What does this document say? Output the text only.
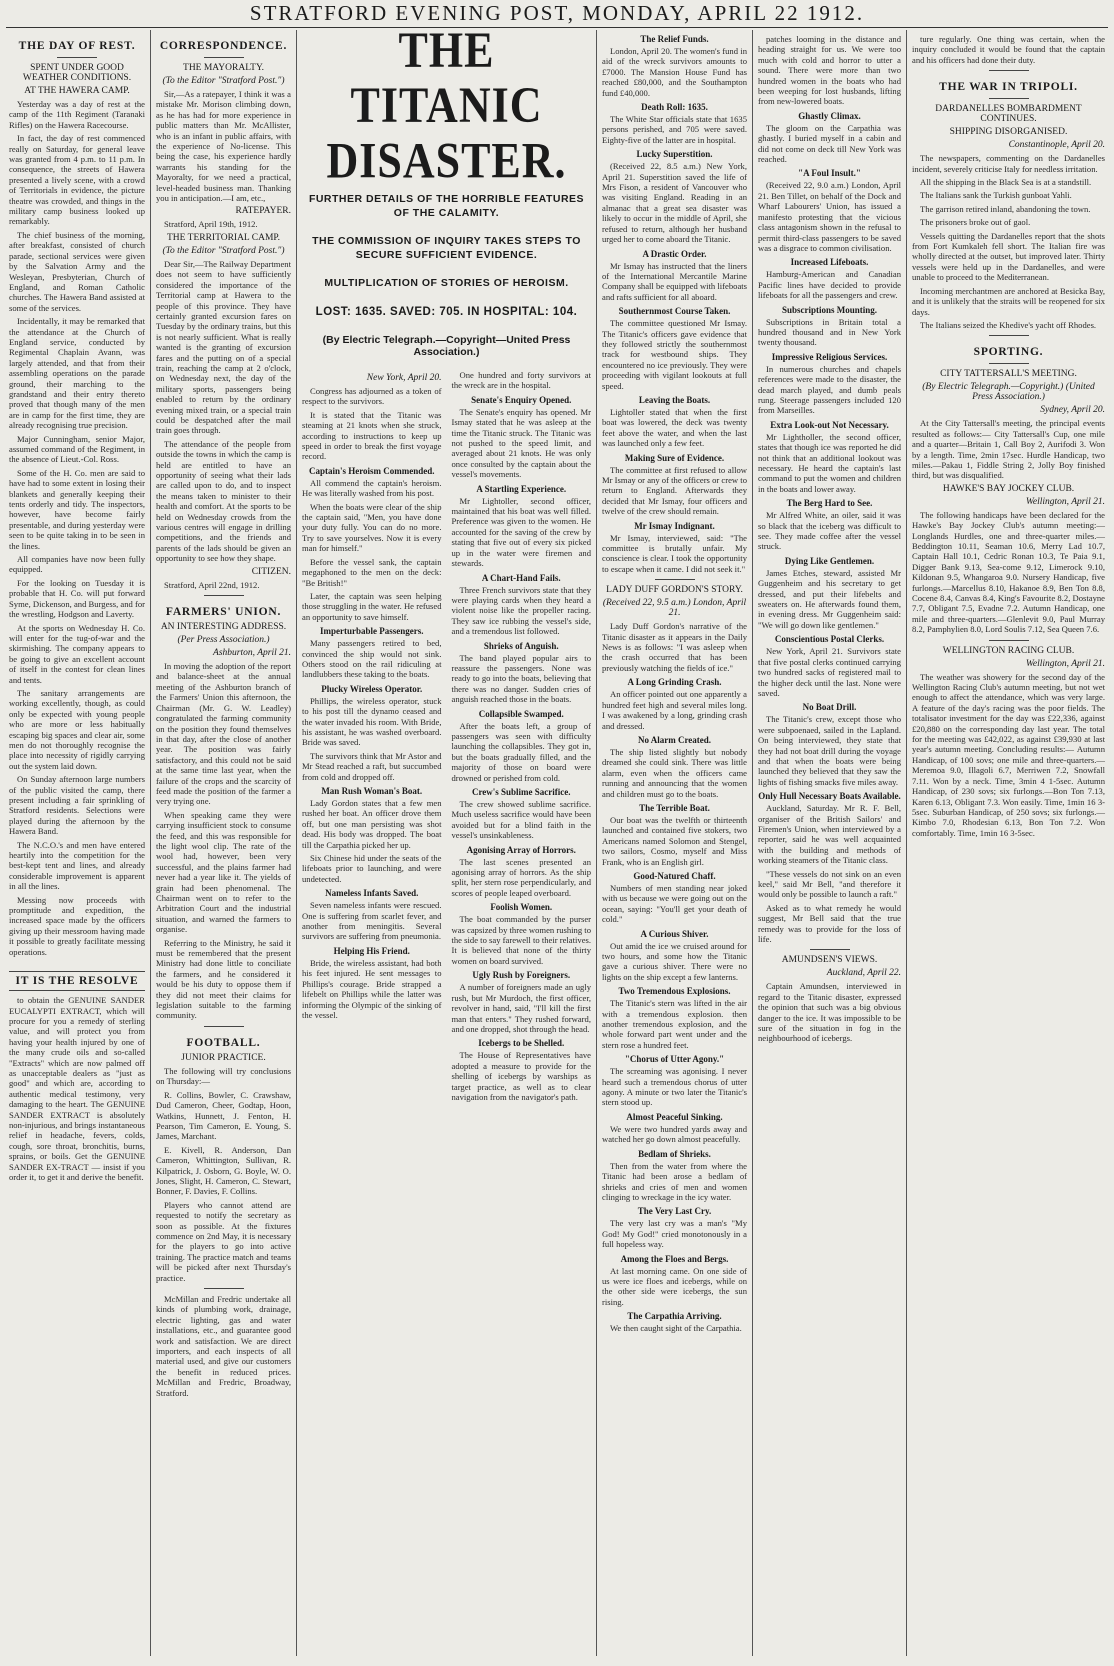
STRATFORD EVENING POST, MONDAY, APRIL 22 1912.
THE DAY OF REST.
SPENT UNDER GOOD WEATHER CONDITIONS.
AT THE HAWERA CAMP.

Yesterday was a day of rest at the camp of the 11th Regiment (Taranaki Rifles) on the Hawera Racecourse.

In fact, the day of rest commenced really on Saturday, for general leave was granted from 4 p.m. to 11 p.m. In consequence, the streets of Hawera presented a lively scene, with a crowd of Territorials in evidence, the picture theatre was crowded, and things in the military camp business looked up remarkably.

The chief business of the morning, after breakfast, consisted of church parade, sectional services were given by the Salvation Army and the Wesleyan, Presbyterian, Church of England, and Roman Catholic churches. The Hawera Band assisted at some of the services.

Incidentally, it may be remarked that the attendance at the Church of England service, conducted by Regimental Chaplain Avann, was largely attended, and that from their assembling operations on the parade ground, their marching to the grandstand and their entry thereto proved that though many of the men are in camp for the first time, they are already recognising true precision.

Major Cunningham, senior Major, assumed command of the Regiment, in the absence of Lieut.-Col. Ross.

Some of the H. Co. men are said to have had to some extent in losing their blankets and generally keeping their tents orderly and tidy. The inspectors, however, have become fairly presentable, and during yesterday were seen to be quite taking in to be seen in the lines.

All companies have now been fully equipped.

For the looking on Tuesday it is probable that H. Co. will put forward Syme, Dickenson, and Burgess, and for the wrestling, Hodgson and Laverty.

At the sports on Wednesday H. Co. will enter for the tug-of-war and the skirmishing. The company appears to be going to give an excellent account of itself in the contest for clean lines and tents.

The sanitary arrangements are working excellently, though, as could only be expected with young people who are more or less habitually escaping big spaces and clear air, some men do not thoroughly recognise the place into necessity of rigidly carrying out the system laid down.

On Sunday afternoon large numbers of the public visited the camp, there present including a fair sprinkling of Stratford residents. Selections were played during the afternoon by the Hawera Band.

The N.C.O.'s and men have entered heartily into the competition for the best-kept tent and lines, and already considerable improvement is apparent in all the lines.

Messing now proceeds with promptitude and expedition, the increased space made by the officers giving up their messroom having made it possible to greatly facilitate messing operations.

IT IS THE RESOLVE

to obtain the GENUINE SANDER EUCALYPTI EXTRACT, which will procure for you a remedy of sterling value, and will protect you from having your health injured by one of the many crude oils and so-called "Extracts" which are now palmed off as unacceptable dealers as "just as good" and which are, according to authentic medical testimony, very damaging to the heart. The GENUINE SANDER EXTRACT is absolutely non-injurious, and brings instantaneous relief in headache, fevers, colds, cough, sore throat, bronchitis, burns, sprains, or boils. Get the GENUINE SANDER EX-TRACT — insist if you order it, to get it and derive the benefit.

CORRESPONDENCE.
THE MAYORALTY.
(To the Editor "Stratford Post.")

Sir,—As a ratepayer, I think it was a mistake Mr. Morison climbing down, as he has had for more experience in public matters than Mr. McAllister, who is an infant in public affairs, with the experience of No-license. This being the case, his experience hardly warrants his standing for the Mayoralty, for we need a practical, level-headed business man. Thanking you in anticipation.—I am, etc.,

RATEPAYER.

Stratford, April 19th, 1912.

THE TERRITORIAL CAMP.
(To the Editor "Stratford Post.")

Dear Sir,—The Railway Department does not seem to have sufficiently considered the importance of the Territorial camp at Hawera to the people of this province. They have certainly granted excursion fares on Tuesday by the ordinary trains, but this is not nearly sufficient. What is really wanted is the granting of excursion fares and the putting on of a special train, reaching the camp at 2 o'clock, on Wednesday next, the day of the military sports, passengers being enabled to return by the ordinary evening mixed train, or a special train could be despatched after the mail train goes through.

The attendance of the people from outside the towns in which the camp is held are entitled to have an opportunity of seeing what their lads are called upon to do, and to inspect the means taken to minister to their health and comfort. At the sports to be held on Wednesday crowds from the various centres will engage in drilling competitions, and the friends and parents of the lads should be given an opportunity to see how they shape.

CITIZEN.

Stratford, April 22nd, 1912.

FARMERS' UNION.
AN INTERESTING ADDRESS.
(Per Press Association.)
Ashburton, April 21.

In moving the adoption of the report and balance-sheet at the annual meeting of the Ashburton branch of the Farmers' Union this afternoon, the Chairman (Mr. G. W. Leadley) congratulated the farming community on the position they found themselves in that day, after the close of another year. The position was fairly satisfactory, and this could not be said at the same time last year, when the failure of the crops and the scarcity of feed made the position of the farmer a very trying one.

When speaking came they were carrying insufficient stock to consume the feed, and this was responsible for the light wool clip. The rate of the wool had, however, been very successful, and the plains farmer had never had a year like it. The yields of grain had been phenomenal. The Chairman went on to refer to the Arbitration Court and the industrial situation, and warned the farmers to organise.

Referring to the Ministry, he said it must be remembered that the present Ministry had done little to conciliate the farmers, and he considered it would be his duty to oppose them if they did not meet their claims for legislation suitable to the farming community.

FOOTBALL.
JUNIOR PRACTICE.

The following will try conclusions on Thursday:—

R. Collins, Bowler, C. Crawshaw, Dud Cameron, Cheer, Godtap, Hoon, Watkins, Hunnett, J. Fenton, H. Pearson, Tim Cameron, E. Young, S. James, Marchant.

E. Kivell, R. Anderson, Dan Cameron, Whittington, Sullivan, R. Kilpatrick, J. Osborn, G. Boyle, W. O. Jones, Slight, H. Cameron, C. Stewart, Bonner, F. Davies, F. Collins.

Players who cannot attend are requested to notify the secretary as soon as possible. At the fixtures commence on 2nd May, it is necessary for the players to go into active training. The practice match and teams will be picked after next Thursday's practice.

McMillan and Fredric undertake all kinds of plumbing work, drainage, electric lighting, gas and water installations, etc., and guarantee good work and satisfaction. We are direct importers, and each inspects of all material used, and give our customers the benefit in reduced prices. McMillan and Fredric, Broadway, Stratford.

THE TITANIC DISASTER.
FURTHER DETAILS OF THE HORRIBLE FEATURES OF THE CALAMITY.
THE COMMISSION OF INQUIRY TAKES STEPS TO SECURE SUFFICIENT EVIDENCE.
MULTIPLICATION OF STORIES OF HEROISM.
LOST: 1635. SAVED: 705. IN HOSPITAL: 104.
(By Electric Telegraph.—Copyright—United Press Association.)
New York, April 20.

Congress has adjourned as a token of respect to the survivors.

It is stated that the Titanic was steaming at 21 knots when she struck, according to instructions to keep up speed in order to break the first voyage record.

Captain's Heroism Commended.

All commend the captain's heroism. He was literally washed from his post.

When the boats were clear of the ship the captain said, "Men, you have done your duty fully. You can do no more. Try to save yourselves. Now it is every man for himself."

Before the vessel sank, the captain megaphoned to the men on the deck: "Be British!"

Later, the captain was seen helping those struggling in the water. He refused an opportunity to save himself.

Imperturbable Passengers.

Many passengers retired to bed, convinced the ship would not sink. Others stood on the rail ridiculing at landlubbers these taking to the boats.

Plucky Wireless Operator.

Phillips, the wireless operator, stuck to his post till the dynamo ceased and the water invaded his room. With Bride, his assistant, he was washed overboard. Bride was saved.

The survivors think that Mr Astor and Mr Stead reached a raft, but succumbed from cold and dropped off.

Man Rush Woman's Boat.

Lady Gordon states that a few men rushed her boat. An officer drove them off, but one man persisting was shot dead. His body was dropped. The boat till the Carpathia picked her up.

Six Chinese hid under the seats of the lifeboats prior to launching, and were undetected.

Nameless Infants Saved.

Seven nameless infants were rescued. One is suffering from scarlet fever, and another from meningitis. Several survivors are suffering from pneumonia.

Helping His Friend.

Bride, the wireless assistant, had both his feet injured. He sent messages to Phillips's courage. Bride strapped a lifebelt on Phillips while the latter was informing the Olympic of the sinking of the vessel.

One hundred and forty survivors at the wreck are in the hospital.

Senate's Enquiry Opened.

The Senate's enquiry has opened. Mr Ismay stated that he was asleep at the time the Titanic struck. The Titanic was not pushed to the speed limit, and averaged about 21 knots. He was only once consulted by the captain about the vessel's movements.

A Startling Experience.

Mr Lightoller, second officer, maintained that his boat was well filled. Preference was given to the women. He accounted for the saving of the crew by stating that five out of every six picked up in the water were firemen and stewards.

A Chart-Hand Fails.

Three French survivors state that they were playing cards when they heard a violent noise like the propeller racing. They saw ice rubbing the vessel's side, and a tremendous list followed.

Shrieks of Anguish.

The band played popular airs to reassure the passengers. None was ready to go into the boats, believing that there was no danger. Sudden cries of anguish reached those in the boats.

Collapsible Swamped.

After the boats left, a group of passengers was seen with difficulty launching the collapsibles. They got in, but the boats gradually filled, and the majority of those on board were drowned or perished from cold.

Crew's Sublime Sacrifice.

The crew showed sublime sacrifice. Much useless sacrifice would have been avoided but for a blind faith in the vessel's unsinkableness.

Agonising Array of Horrors.

The last scenes presented an agonising array of horrors. As the ship split, her stern rose perpendicularly, and scores of people leaped overboard.

Foolish Women.

The boat commanded by the purser was capsized by three women rushing to the side to say farewell to their relatives. It is believed that none of the thirty women on board survived.

Ugly Rush by Foreigners.

A number of foreigners made an ugly rush, but Mr Murdoch, the first officer, revolver in hand, said, "I'll kill the first man that enters." They rushed forward, and one dropped, shot through the head.

Icebergs to be Shelled.

The House of Representatives have adopted a measure to provide for the shelling of icebergs by warships as target practice, as well as to clear navigation from the navigator's path.

The Relief Funds.

London, April 20. The women's fund in aid of the wreck survivors amounts to £7000. The Mansion House Fund has reached £80,000, and the Southampton fund £40,000.

Death Roll: 1635.

The White Star officials state that 1635 persons perished, and 705 were saved. Eighty-five of the latter are in hospital.

Lucky Superstition.

(Received 22, 8.5 a.m.) New York, April 21. Superstition saved the life of Mrs Fison, a resident of Vancouver who was visiting England. Reading in an almanac that a great sea disaster was likely to occur in the middle of April, she refused to return, although her husband urged her to come aboard the Titanic.

A Drastic Order.

Mr Ismay has instructed that the liners of the International Mercantile Marine Company shall be equipped with lifeboats and rafts sufficient for all aboard.

Southernmost Course Taken.

The committee questioned Mr Ismay. The Titanic's officers gave evidence that they followed strictly the southernmost track for westbound ships. They encountered no ice previously. They were proceeding with vigilant lookouts at full speed.

Leaving the Boats.

Lightoller stated that when the first boat was lowered, the deck was twenty feet above the water, and when the last was launched only a few feet.

Making Sure of Evidence.

The committee at first refused to allow Mr Ismay or any of the officers or crew to return to England. Afterwards they decided that Mr Ismay, four officers and twelve of the crew should remain.

Mr Ismay Indignant.

Mr Ismay, interviewed, said: "The committee is brutally unfair. My conscience is clear. I took the opportunity to escape when it came. I did not seek it."

LADY DUFF GORDON'S STORY.
(Received 22, 9.5 a.m.) London, April 21.

Lady Duff Gordon's narrative of the Titanic disaster as it appears in the Daily News is as follows: "I was asleep when the crash occurred that has been previously watching the fields of ice."

A Long Grinding Crash.

An officer pointed out one apparently a hundred feet high and several miles long. I was awakened by a long, grinding crash and dressed.

No Alarm Created.

The ship listed slightly but nobody dreamed she could sink. There was little alarm, even when the officers came running and announcing that the women and children must go to the boats.

The Terrible Boat.

Our boat was the twelfth or thirteenth launched and contained five stokers, two Americans named Solomon and Stengel, two sailors, Cosmo, myself and Miss Frank, who is an English girl.

Good-Natured Chaff.

Numbers of men standing near joked with us because we were going out on the ocean, saying: "You'll get your death of cold."

A Curious Shiver.

Out amid the ice we cruised around for two hours, and some how the Titanic gave a curious shiver. There were no lights on the ship except a few lanterns.

Two Tremendous Explosions.

The Titanic's stern was lifted in the air with a tremendous explosion. then another tremendous explosion, and the whole forward part went under and the stern rose a hundred feet.

"Chorus of Utter Agony."

The screaming was agonising. I never heard such a tremendous chorus of utter agony. A minute or two later the Titanic's stern stood up.

Almost Peaceful Sinking.

We were two hundred yards away and watched her go down almost peacefully.

Bedlam of Shrieks.

Then from the water from where the Titanic had been arose a bedlam of shrieks and cries of men and women clinging to wreckage in the icy water.

The Very Last Cry.

The very last cry was a man's "My God! My God!" cried monotonously in a full hopeless way.

Among the Floes and Bergs.

At last morning came. On one side of us were ice floes and icebergs, while on the other side were icebergs, the sun rising.

The Carpathia Arriving.

We then caught sight of the Carpathia.

patches looming in the distance and heading straight for us. We were too much with cold and horror to utter a sound. There were more than two hundred women in the boats who had been weeping for lost husbands, lifting from new-lowered boats.

Ghastly Climax.

The gloom on the Carpathia was ghastly. I buried myself in a cabin and did not come on deck till New York was reached.

"A Foul Insult."

(Received 22, 9.0 a.m.) London, April 21. Ben Tillet, on behalf of the Dock and Wharf Labourers' Union, has issued a manifesto protesting that the vicious class antagonism shown in the refusal to permit third-class passengers to be saved was a disgrace to common civilisation.

Increased Lifeboats.

Hamburg-American and Canadian Pacific lines have decided to provide lifeboats for all the passengers and crew.

Subscriptions Mounting.

Subscriptions in Britain total a hundred thousand and in New York twenty thousand.

Impressive Religious Services.

In numerous churches and chapels references were made to the disaster, the dead march played, and dumb peals rung. Steerage passengers included 120 from Marseilles.

Extra Look-out Not Necessary.

Mr Lightholler, the second officer, states that though ice was reported he did not think that an additional lookout was necessary. He heard the captain's last command to put the women and children in the boats and lower away.

The Berg Hard to See.

Mr Alfred White, an oiler, said it was so black that the iceberg was difficult to see. They made coffee after the vessel struck.

Dying Like Gentlemen.

James Etches, steward, assisted Mr Guggenheim and his secretary to get dressed, and put their lifebelts and sweaters on. He afterwards found them, in evening dress. Mr Guggenheim said: "We will go down like gentlemen."

Conscientious Postal Clerks.

New York, April 21. Survivors state that five postal clerks continued carrying two hundred sacks of registered mail to the higher deck until the last. None were saved.

No Boat Drill.

The Titanic's crew, except those who were subpoenaed, sailed in the Lapland. On being interviewed, they state that they had not boat drill during the voyage and that when the boats were being launched they believed that they saw the lights of fishing smacks five miles away.

Only Hull Necessary Boats Available.

Auckland, Saturday. Mr R. F. Bell, organiser of the British Sailors' and Firemen's Union, when interviewed by a reporter, said he was well acquainted with the building and methods of working steamers of the Titanic class.

"These vessels do not sink on an even keel," said Mr Bell, "and therefore it would only be possible to launch a raft."

Asked as to what remedy he would suggest, Mr Bell said that the true remedy was to provide for the loss of life.

AMUNDSEN'S VIEWS.
Auckland, April 22.

Captain Amundsen, interviewed in regard to the Titanic disaster, expressed the opinion that such was a big obvious danger to the ice. It was impossible to be sure of the situation in fog in the neighbourhood of icebergs.

ture regularly. One thing was certain, when the inquiry concluded it would be found that the captain and his officers had done their duty.

THE WAR IN TRIPOLI.
DARDANELLES BOMBARDMENT CONTINUES.
SHIPPING DISORGANISED.
Constantinople, April 20.

The newspapers, commenting on the Dardanelles incident, severely criticise Italy for needless irritation.

All the shipping in the Black Sea is at a standstill.

The Italians sank the Turkish gunboat Yahli.

The garrison retired inland, abandoning the town.

The prisoners broke out of gaol.

Vessels quitting the Dardanelles report that the shots from Fort Kumkaleh fell short. The Italian fire was wholly directed at the outset, but improved later. Thirty vessels were held up in the Dardanelles, and were unable to proceed to the Mediterranean.

Incoming merchantmen are anchored at Besicka Bay, and it is unlikely that the straits will be reopened for six days.

The Italians seized the Khedive's yacht off Rhodes.

SPORTING.
CITY TATTERSALL'S MEETING.
(By Electric Telegraph.—Copyright.) (United Press Association.)
Sydney, April 20.

At the City Tattersall's meeting, the principal events resulted as follows:— City Tattersall's Cup, one mile and a quarter—Britain 1, Call Boy 2, Aurifodi 3. Won by a length. Time, 2min 17sec. Hurdle Handicap, two miles.—Pakau 1, Fiddle String 2, Jolly Boy finished third, but was disqualified.

HAWKE'S BAY JOCKEY CLUB.
Wellington, April 21.

The following handicaps have been declared for the Hawke's Bay Jockey Club's autumn meeting:— Longlands Hurdles, one and three-quarter miles.—Beddington 10.11, Seaman 10.6, Merry Lad 10.7, Captain Hall 10.1, Cedric Ronan 10.3, Te Paia 9.1, Digger Bank 9.13, Sea-come 9.12, Limerock 9.10, Kildonan 9.5, Whangaroa 9.0. Nursery Handicap, five furlongs.—Marcellus 8.10, Hakanoe 8.9, Ben Ton 8.8, Cocene 8.4, Canvas 8.4, King's Favourite 8.2, Dostayne 7.7, Obligant 7.5, Evadne 7.2. Autumn Handicap, one mile and three-quarters.—Glenlevit 9.0, Paul Murray 8.2, Pamphylien 8.0, Lord Soulis 7.12, Sea Queen 7.6.

WELLINGTON RACING CLUB.
Wellington, April 21.

The weather was showery for the second day of the Wellington Racing Club's autumn meeting, but not wet enough to affect the attendance, which was very large. A feature of the day's racing was the poor fields. The totalisator investment for the day was £22,336, against £20,880 on the corresponding day last year. The total for the meeting was £42,022, as against £39,930 at last year's autumn meeting. Concluding results:— Autumn Handicap, of 100 sovs; one mile and three-quarters.—Meremoa 9.0, Illagoli 6.7, Merriwen 7.2, Snowfall 7.11. Won by a neck. Time, 3min 4 1-5sec. Autumn Handicap, of 230 sovs; six furlongs.—Bon Ton 7.13, Karen 6.13, Obligant 7.3. Won easily. Time, 1min 16 3-5sec. Suburban Handicap, of 250 sovs; six furlongs.—Kimbo 7.0, Rhodesian 6.13, Bon Ton 7.2. Won comfortably. Time, 1min 16 3-5sec.
